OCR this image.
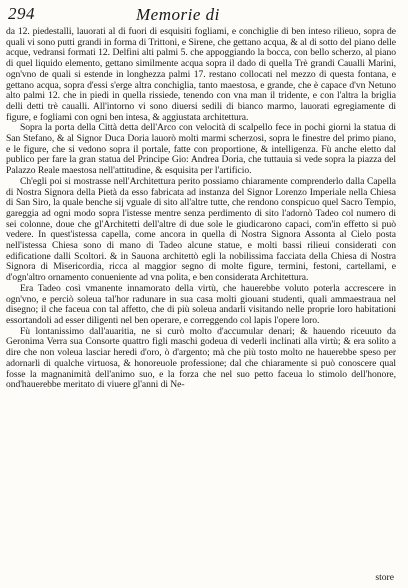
294	Memorie di

da 12. piedestalli, lauorati al di fuori di esquisiti fogliami, e conchiglie di ben inteso rilieuo, sopra de quali vi sono putti grandi in forma di Trittoni, e Sirene, che gettano acqua, & al di sotto del piano delle acque, vedransi formati 12. Delfini alti palmi 5. che appoggiando la bocca, con bello scherzo, al piano di quel liquido elemento, gettano similmente acqua sopra il dado di quella Trè grandi Caualli Marini, ogn'vno de quali si estende in longhezza palmi 17. restano collocati nel mezzo di questa fontana, e gettano acqua, sopra d'essi s'erge altra conchiglia, tanto maestosa, e grande, che è capace d'vn Netuno alto palmi 12. che in piedi in quella rissiede, tenendo con vna man il tridente, e con l'altra la briglia delli detti trè caualli. All'intorno vi sono diuersi sedili di bianco marmo, lauorati egregiamente di figure, e fogliami con ogni ben intesa, & aggiustata architettura.

Sopra la porta della Città detta dell'Arco con velocità di scalpello fece in pochi giorni la statua di San Stefano, & al Signor Duca Doria lauorò molti marmi scherzosi, sopra le finestre del primo piano, e le figure, che si vedono sopra il portale, fatte con proportione, & intelligenza. Fù anche eletto dal publico per fare la gran statua del Principe Gio: Andrea Doria, che tuttauia si vede sopra la piazza del Palazzo Reale maestosa nell'attitudine, & esquisita per l'artificio.

Ch'egli poi si mostrasse nell'Architettura perito possiamo chiaramente comprenderlo dalla Capella di Nostra Signora della Pietà da esso fabricata ad instanza del Signor Lorenzo Imperiale nella Chiesa di San Siro, la quale benche sij vguale di sito all'altre tutte, che rendono conspicuo quel Sacro Tempio, gareggia ad ogni modo sopra l'istesse mentre senza perdimento di sito l'adornò Tadeo col numero di sei colonne, doue che gl'Architetti dell'altre di due sole le giudicarono capaci, com'in effetto si può vedere. In quest'istessa capella, come ancora in quella di Nostra Signora Assonta al Cielo posta nell'istessa Chiesa sono di mano di Tadeo alcune statue, e molti bassi rilieui considerati con edificatione dalli Scoltori. & in Sauona architettò egli la nobilissima facciata della Chiesa di Nostra Signora di Misericordia, ricca al maggior segno di molte figure, termini, festoni, cartellami, e d'ogn'altro ornamento conueniente ad vna polita, e ben considerata Architettura.

Era Tadeo così vmanente innamorato della virtù, che hauerebbe voluto poterla accrescere in ogn'vno, e perciò soleua tal'hor radunare in sua casa molti giouani studenti, quali ammaestraua nel disegno; il che faceua con tal affetto, che di più soleua andarli visitando nelle proprie loro habitationi essortandoli ad esser diligenti nel ben operare, e correggendo col lapis l'opere loro.

Fù lontanissimo dall'auaritia, ne si curò molto d'accumular denari; & hauendo riceuuto da Geronima Verra sua Consorte quattro figli maschi godeua di vederli inclinati alla virtù; & era solito a dire che non voleua lasciar heredi d'oro, ò d'argento; mà che più tosto molto ne hauerebbe speso per adornarli di qualche virtuosa, & honoreuole professione; dal che chiaramente si può conoscere qual fosse la magnanimità dell'animo suo, e la forza che nel suo petto faceua lo stimolo dell'honore, ond'hauerebbe meritato di viuere gl'anni di Ne-

store
